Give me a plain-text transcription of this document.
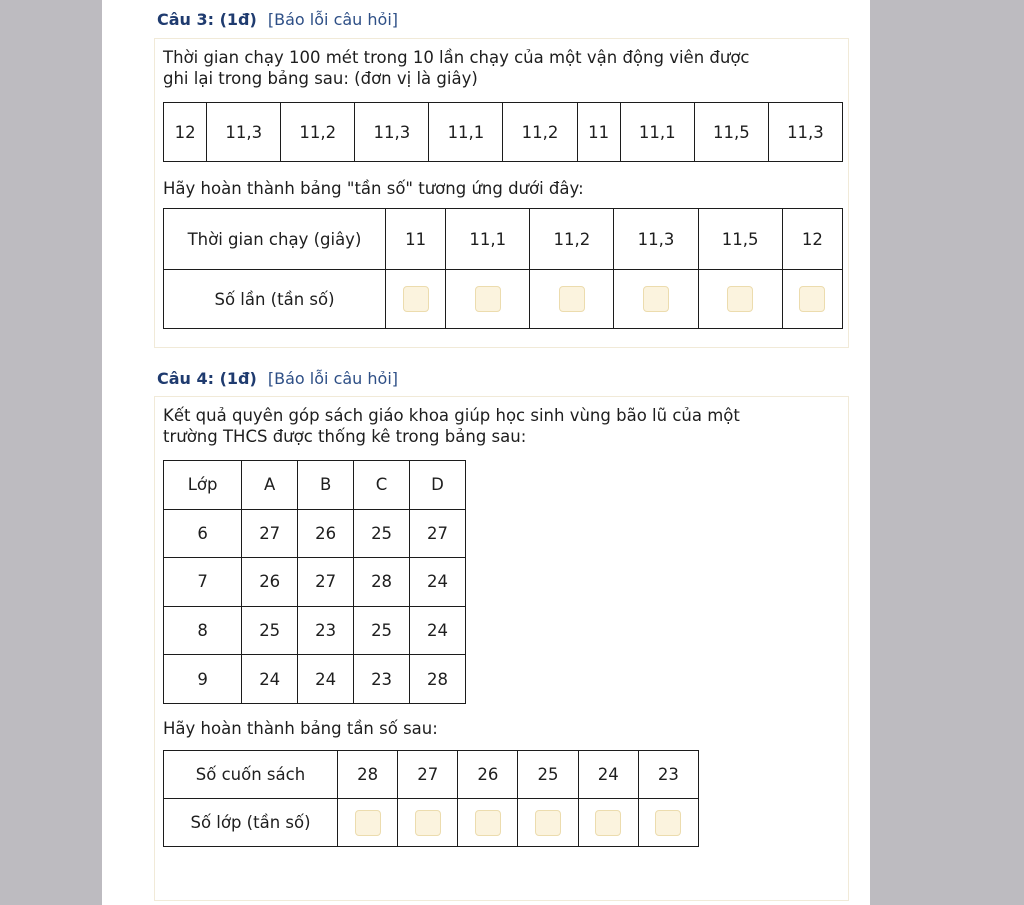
Câu 3: (1đ) [Báo lỗi câu hỏi]
Thời gian chạy 100 mét trong 10 lần chạy của một vận động viên được
ghi lại trong bảng sau: (đơn vị là giây)
12	11,3	11,2	11,3	11,1	11,2	11	11,1	11,5	11,3
Hãy hoàn thành bảng "tần số" tương ứng dưới đây:
Thời gian chạy (giây)	11	11,1	11,2	11,3	11,5	12
Số lần (tần số)						
Câu 4: (1đ) [Báo lỗi câu hỏi]
Kết quả quyên góp sách giáo khoa giúp học sinh vùng bão lũ của một
trường THCS được thống kê trong bảng sau:
Lớp	A	B	C	D
6	27	26	25	27
7	26	27	28	24
8	25	23	25	24
9	24	24	23	28
Hãy hoàn thành bảng tần số sau:
Số cuốn sách	28	27	26	25	24	23
Số lớp (tần số)						
